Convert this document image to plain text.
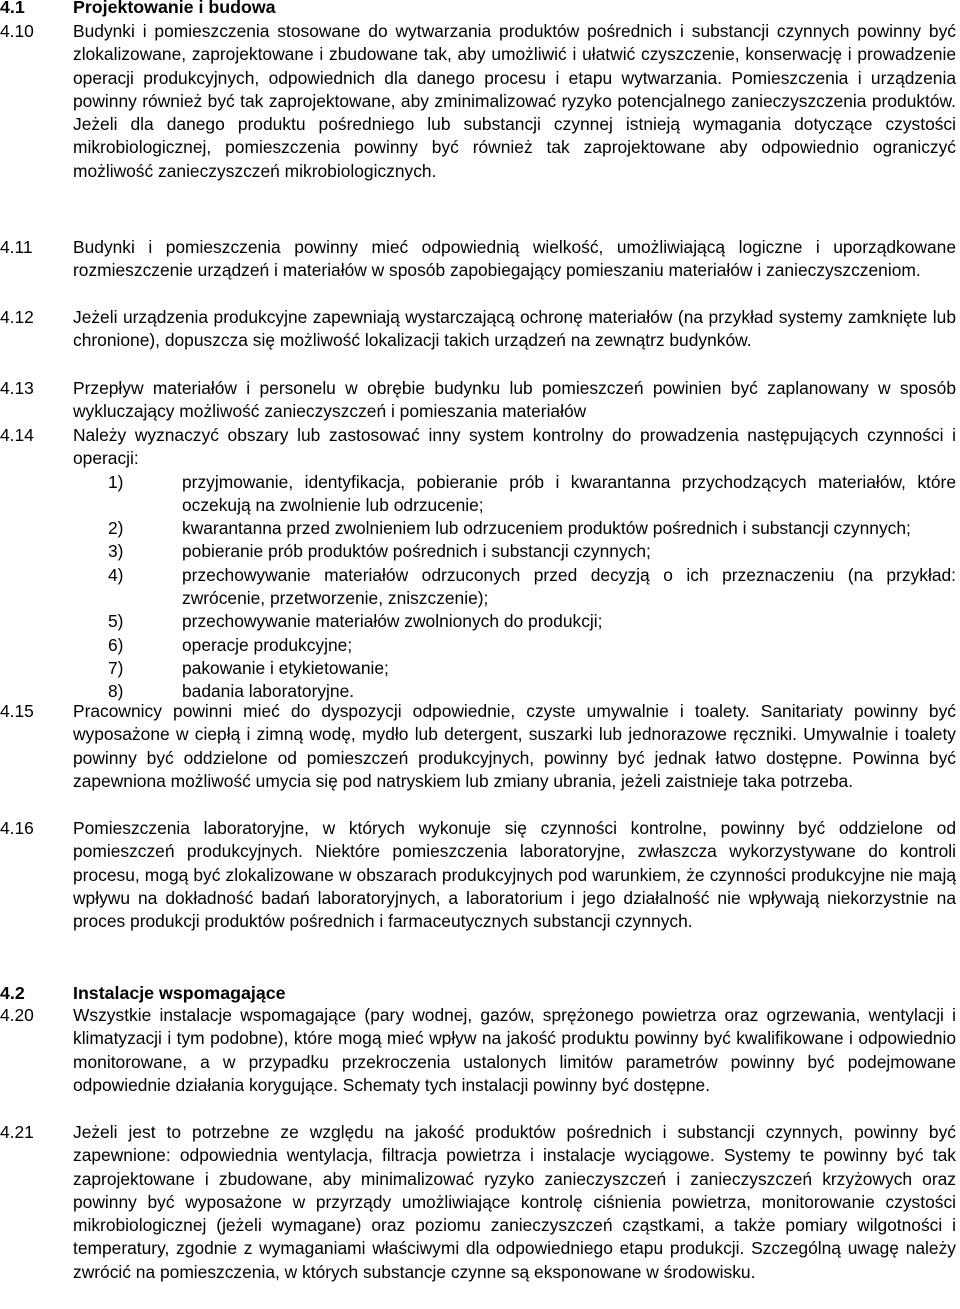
4.1	Projektowanie i budowa
4.10	Budynki i pomieszczenia stosowane do wytwarzania produktów pośrednich i substancji czynnych powinny być zlokalizowane, zaprojektowane i zbudowane tak, aby umożliwić i ułatwić czyszczenie, konserwację i prowadzenie operacji produkcyjnych, odpowiednich dla danego procesu i etapu wytwarzania. Pomieszczenia i urządzenia powinny również być tak zaprojektowane, aby zminimalizować ryzyko potencjalnego zanieczyszczenia produktów. Jeżeli dla danego produktu pośredniego lub substancji czynnej istnieją wymagania dotyczące czystości mikrobiologicznej, pomieszczenia powinny być również tak zaprojektowane aby odpowiednio ograniczyć możliwość zanieczyszczeń mikrobiologicznych.
4.11	Budynki i pomieszczenia powinny mieć odpowiednią wielkość, umożliwiającą logiczne i uporządkowane rozmieszczenie urządzeń i materiałów w sposób zapobiegający pomieszaniu materiałów i zanieczyszczeniom.
4.12	Jeżeli urządzenia produkcyjne zapewniają wystarczającą ochronę materiałów (na przykład systemy zamknięte lub chronione), dopuszcza się możliwość lokalizacji takich urządzeń na zewnątrz budynków.
4.13	Przepływ materiałów i personelu w obrębie budynku lub pomieszczeń powinien być zaplanowany w sposób wykluczający możliwość zanieczyszczeń i pomieszania materiałów
4.14	Należy wyznaczyć obszary lub zastosować inny system kontrolny do prowadzenia następujących czynności i operacji:
1)	przyjmowanie, identyfikacja, pobieranie prób i kwarantanna przychodzących materiałów, które oczekują na zwolnienie lub odrzucenie;
2)	kwarantanna przed zwolnieniem lub odrzuceniem produktów pośrednich i substancji czynnych;
3)	pobieranie prób produktów pośrednich i substancji czynnych;
4)	przechowywanie materiałów odrzuconych przed decyzją o ich przeznaczeniu (na przykład: zwrócenie, przetworzenie, zniszczenie);
5)	przechowywanie materiałów zwolnionych do produkcji;
6)	operacje produkcyjne;
7)	pakowanie i etykietowanie;
8)	badania laboratoryjne.
4.15	Pracownicy powinni mieć do dyspozycji odpowiednie, czyste umywalnie i toalety. Sanitariaty powinny być wyposażone w ciepłą i zimną wodę, mydło lub detergent, suszarki lub jednorazowe ręczniki. Umywalnie i toalety powinny być oddzielone od pomieszczeń produkcyjnych, powinny być jednak łatwo dostępne. Powinna być zapewniona możliwość umycia się pod natryskiem lub zmiany ubrania, jeżeli zaistnieje taka potrzeba.
4.16	Pomieszczenia laboratoryjne, w których wykonuje się czynności kontrolne, powinny być oddzielone od pomieszczeń produkcyjnych. Niektóre pomieszczenia laboratoryjne, zwłaszcza wykorzystywane do kontroli procesu, mogą być zlokalizowane w obszarach produkcyjnych pod warunkiem, że czynności produkcyjne nie mają wpływu na dokładność badań laboratoryjnych, a laboratorium i jego działalność nie wpływają niekorzystnie na proces produkcji produktów pośrednich i farmaceutycznych substancji czynnych.
4.2	Instalacje wspomagające
4.20	Wszystkie instalacje wspomagające (pary wodnej, gazów, sprężonego powietrza oraz ogrzewania, wentylacji i klimatyzacji i tym podobne), które mogą mieć wpływ na jakość produktu powinny być kwalifikowane i odpowiednio monitorowane, a w przypadku przekroczenia ustalonych limitów parametrów powinny być podejmowane odpowiednie działania korygujące. Schematy tych instalacji powinny być dostępne.
4.21	Jeżeli jest to potrzebne ze względu na jakość produktów pośrednich i substancji czynnych, powinny być zapewnione: odpowiednia wentylacja, filtracja powietrza i instalacje wyciągowe. Systemy te powinny być tak zaprojektowane i zbudowane, aby minimalizować ryzyko zanieczyszczeń i zanieczyszczeń krzyżowych oraz powinny być wyposażone w przyrządy umożliwiające kontrolę ciśnienia powietrza, monitorowanie czystości mikrobiologicznej (jeżeli wymagane) oraz poziomu zanieczyszczeń cząstkami, a także pomiary wilgotności i temperatury, zgodnie z wymaganiami właściwymi dla odpowiedniego etapu produkcji. Szczególną uwagę należy zwrócić na pomieszczenia, w których substancje czynne są eksponowane w środowisku.
